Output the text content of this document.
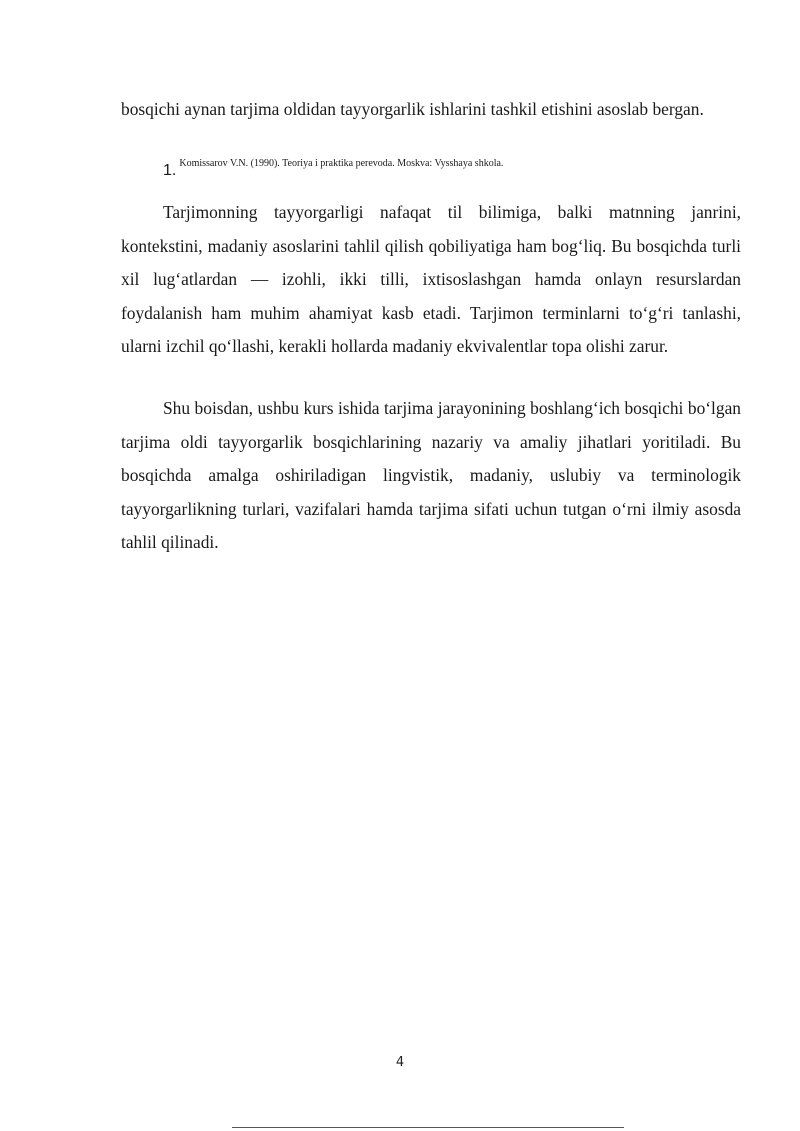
bosqichi aynan tarjima oldidan tayyorgarlik ishlarini tashkil etishini asoslab bergan.

1. $^{Komissarov V.N. (1990). Teoriya i praktika perevoda. Moskva: Vysshaya shkola.}$

Tarjimonning tayyorgarligi nafaqat til bilimiga, balki matnning janrini, kontekstini, madaniy asoslarini tahlil qilish qobiliyatiga ham bog‘liq. Bu bosqichda turli xil lug‘atlardan — izohli, ikki tilli, ixtisoslashgan hamda onlayn resurslardan foydalanish ham muhim ahamiyat kasb etadi. Tarjimon terminlarni to‘g‘ri tanlashi, ularni izchil qo‘llashi, kerakli hollarda madaniy ekvivalentlar topa olishi zarur.

Shu boisdan, ushbu kurs ishida tarjima jarayonining boshlang‘ich bosqichi bo‘lgan tarjima oldi tayyorgarlik bosqichlarining nazariy va amaliy jihatlari yoritiladi. Bu bosqichda amalga oshiriladigan lingvistik, madaniy, uslubiy va terminologik tayyorgarlikning turlari, vazifalari hamda tarjima sifati uchun tutgan o‘rni ilmiy asosda tahlil qilinadi.

4
